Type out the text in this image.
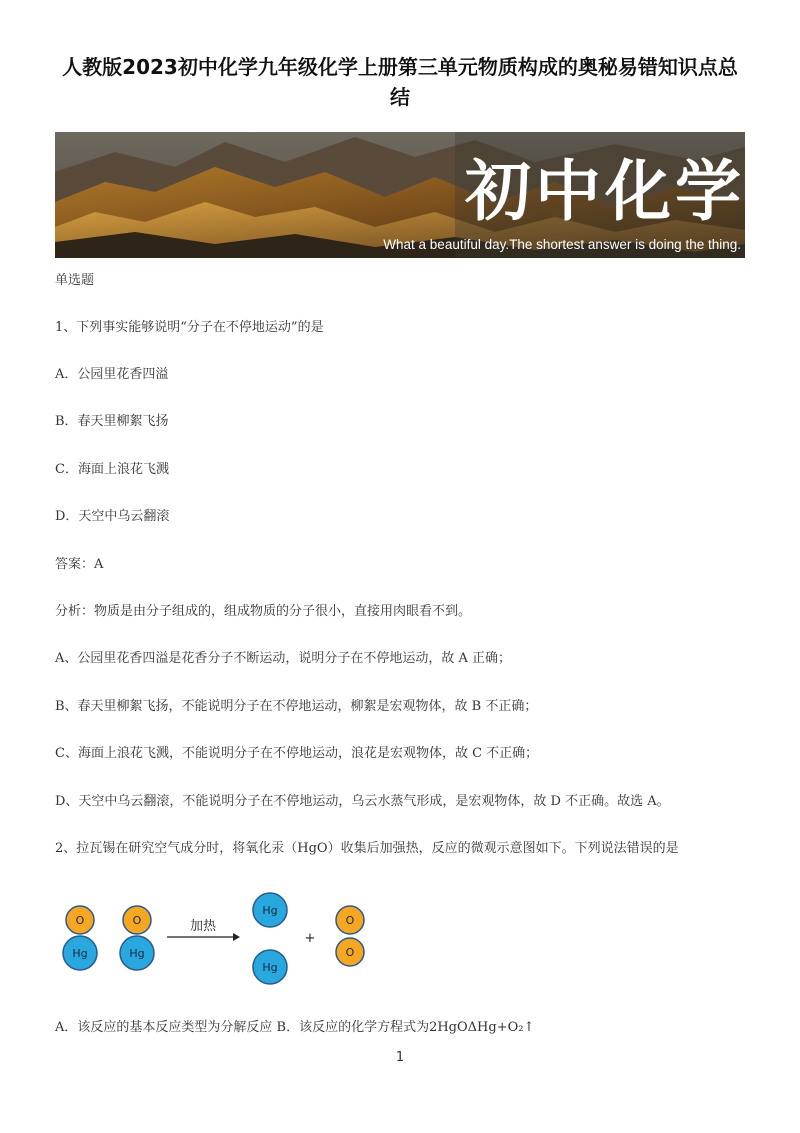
人教版2023初中化学九年级化学上册第三单元物质构成的奥秘易错知识点总
结
初中化学
What a beautiful day.The shortest answer is doing the thing.
单选题
1、下列事实能够说明“分子在不停地运动”的是
A．公园里花香四溢
B．春天里柳絮飞扬
C．海面上浪花飞溅
D．天空中乌云翻滚
答案：A
分析：物质是由分子组成的，组成物质的分子很小，直接用肉眼看不到。
A、公园里花香四溢是花香分子不断运动，说明分子在不停地运动，故 A 正确；
B、春天里柳絮飞扬，不能说明分子在不停地运动，柳絮是宏观物体，故 B 不正确；
C、海面上浪花飞溅，不能说明分子在不停地运动，浪花是宏观物体，故 C 不正确；
D、天空中乌云翻滚，不能说明分子在不停地运动，乌云水蒸气形成，是宏观物体，故 D 不正确。故选 A。
2、拉瓦锡在研究空气成分时，将氧化汞（HgO）收集后加强热，反应的微观示意图如下。下列说法错误的是
O
Hg
O
Hg
加热
Hg
Hg
+
O
O
A．该反应的基本反应类型为分解反应 B．该反应的化学方程式为2HgOΔHg+O₂↑
1
